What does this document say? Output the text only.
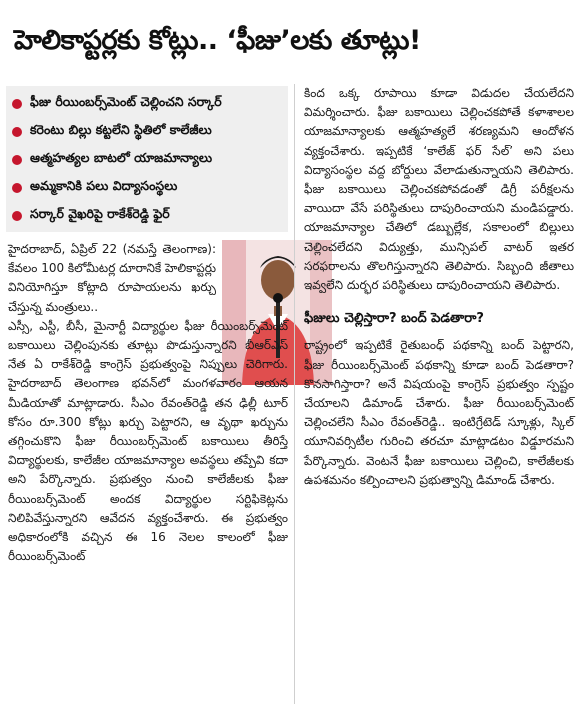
హెలికాప్టర్లకు కోట్లు.. ‘ఫీజు’లకు తూట్లు!
ఫీజు రీయింబర్స్‌మెంట్ చెల్లించని సర్కార్
కరెంటు బిల్లు కట్టలేని స్థితిలో కాలేజీలు
ఆత్మహత్యల బాటలో యాజమాన్యాలు
అమ్మకానికి పలు విద్యాసంస్థలు
సర్కార్ వైఖరిపై రాకేశ్‌రెడ్డి ఫైర్

హైదరాబాద్, ఏప్రిల్ 22 (నమస్తే తెలంగాణ): కేవలం 100 కిలోమీటర్ల దూరానికే హెలికాప్టర్లు వినియోగిస్తూ కోట్లాది రూపాయలను ఖర్చు చేస్తున్న మంత్రులు..

ఎస్సీ, ఎస్టీ, బీసీ, మైనార్టీ విద్యార్థుల ఫీజు రీయింబర్స్‌మెంట్ బకాయిలు చెల్లింపునకు తూట్లు పొడుస్తున్నారని బీఆర్ఎస్ నేత ఏ రాకేశ్‌రెడ్డి కాంగ్రెస్ ప్రభుత్వంపై నిప్పులు చెరిగారు. హైదరాబాద్ తెలంగాణ భవన్‌లో మంగళవారం ఆయన మీడియాతో మాట్లాడారు. సీఎం రేవంత్‌రెడ్డి తన ఢిల్లీ టూర్ కోసం రూ.300 కోట్లు ఖర్చు పెట్టారని, ఆ వృథా ఖర్చును తగ్గించుకొని ఫీజు రీయింబర్స్‌మెంట్ బకాయిలు తీరిస్తే విద్యార్థులకు, కాలేజీల యాజమాన్యాల అవస్థలు తప్పేవి కదా అని పేర్కొన్నారు. ప్రభుత్వం నుంచి కాలేజీలకు ఫీజు రీయింబర్స్‌మెంట్ అందక విద్యార్థుల సర్టిఫికెట్లను నిలిపివేస్తున్నారని ఆవేదన వ్యక్తంచేశారు. ఈ ప్రభుత్వం అధికారంలోకి వచ్చిన ఈ 16 నెలల కాలంలో ఫీజు రీయింబర్స్‌మెంట్

కింద ఒక్క రూపాయి కూడా విడుదల చేయలేదని విమర్శించారు. ఫీజు బకాయిలు చెల్లించకపోతే కళాశాలల యాజమాన్యాలకు ఆత్మహత్యలే శరణ్యమని ఆందోళన వ్యక్తంచేశారు. ఇప్పటికే ‘కాలేజ్ ఫర్ సేల్’ అని పలు విద్యాసంస్థల వద్ద బోర్డులు వేలాడుతున్నాయని తెలిపారు. ఫీజు బకాయిలు చెల్లించకపోవడంతో డిగ్రీ పరీక్షలను వాయిదా వేసే పరిస్థితులు దాపురించాయని మండిపడ్డారు. యాజమాన్యాల చేతిలో డబ్బుల్లేక, సకాలంలో బిల్లులు చెల్లించలేదని విద్యుత్తు, మున్సిపల్ వాటర్ ఇతర సరఫరాలను తొలగిస్తున్నారని తెలిపారు. సిబ్బంది జీతాలు ఇవ్వలేని దుర్భర పరిస్థితులు దాపురించాయని తెలిపారు.

ఫీజులు చెల్లిస్తారా? బంద్ పెడతారా?

రాష్ట్రంలో ఇప్పటికే రైతుబంధ్ పథకాన్ని బంద్ పెట్టారని, ఫీజు రీయింబర్స్‌మెంట్ పథకాన్ని కూడా బంద్ పెడతారా? కొనసాగిస్తారా? అనే విషయంపై కాంగ్రెస్ ప్రభుత్వం స్పష్టం చేయాలని డిమాండ్ చేశారు. ఫీజు రీయింబర్స్‌మెంట్ చెల్లించలేని సీఎం రేవంత్‌రెడ్డి.. ఇంటిగ్రేటెడ్ స్కూళ్లు, స్కిల్ యూనివర్సిటీల గురించి తరచూ మాట్లాడటం విడ్డూరమని పేర్కొన్నారు. వెంటనే ఫీజు బకాయిలు చెల్లించి, కాలేజీలకు ఉపశమనం కల్పించాలని ప్రభుత్వాన్ని డిమాండ్ చేశారు.
